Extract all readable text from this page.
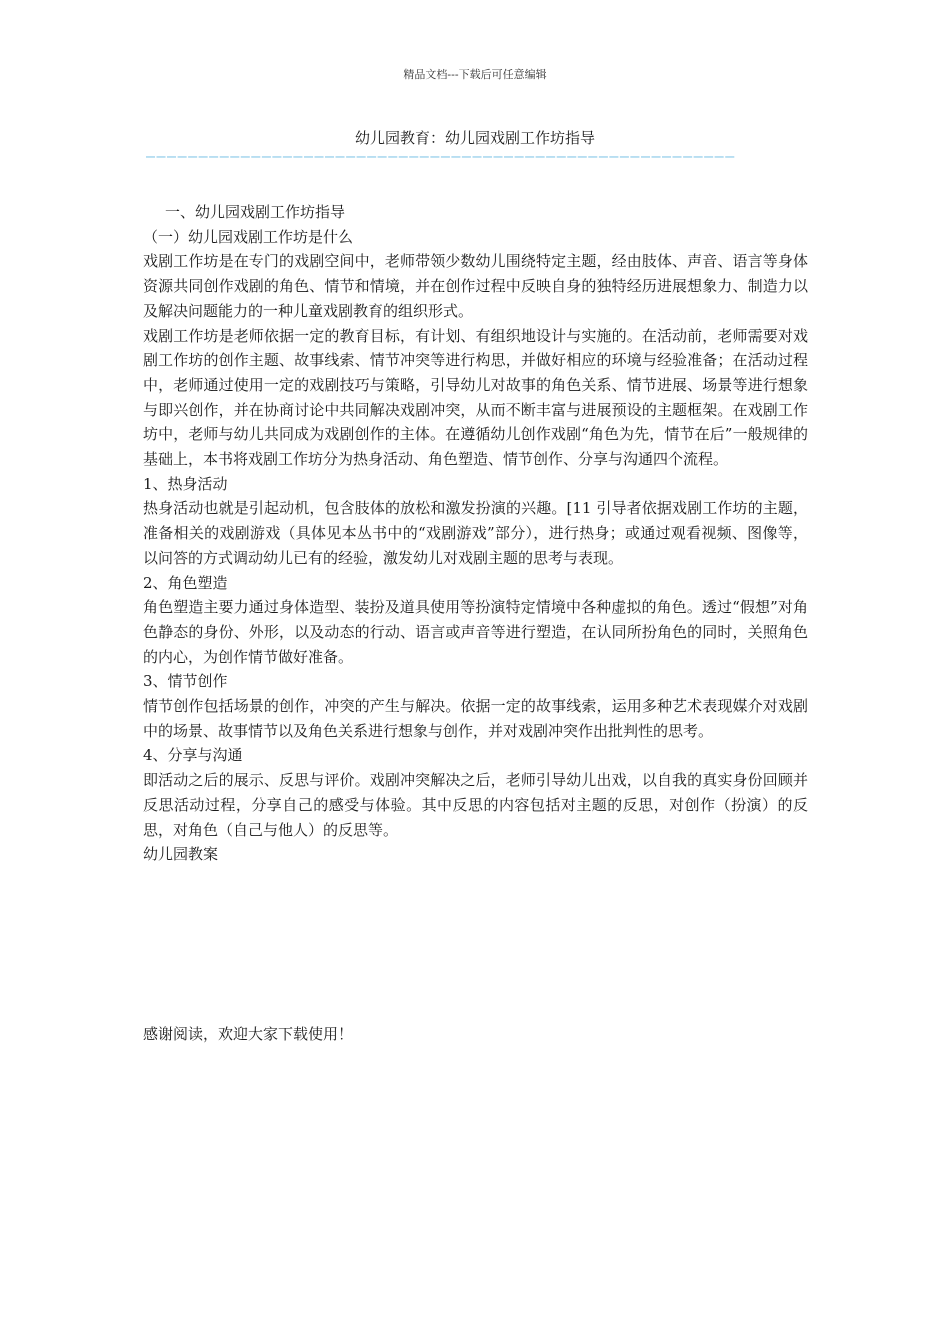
精品文档---下载后可任意编辑
幼儿园教育：幼儿园戏剧工作坊指导
————————————————————————————————————————————————————————

一、幼儿园戏剧工作坊指导

（一）幼儿园戏剧工作坊是什么

戏剧工作坊是在专门的戏剧空间中，老师带领少数幼儿围绕特定主题，经由肢体、声音、语言等身体资源共同创作戏剧的角色、情节和情境，并在创作过程中反映自身的独特经历进展想象力、制造力以及解决问题能力的一种儿童戏剧教育的组织形式。

戏剧工作坊是老师依据一定的教育目标，有计划、有组织地设计与实施的。在活动前，老师需要对戏剧工作坊的创作主题、故事线索、情节冲突等进行构思，并做好相应的环境与经验准备；在活动过程中，老师通过使用一定的戏剧技巧与策略，引导幼儿对故事的角色关系、情节进展、场景等进行想象与即兴创作，并在协商讨论中共同解决戏剧冲突，从而不断丰富与进展预设的主题框架。在戏剧工作坊中，老师与幼儿共同成为戏剧创作的主体。在遵循幼儿创作戏剧“角色为先，情节在后”一般规律的基础上，本书将戏剧工作坊分为热身活动、角色塑造、情节创作、分享与沟通四个流程。

1、热身活动

热身活动也就是引起动机，包含肢体的放松和激发扮演的兴趣。[11 引导者依据戏剧工作坊的主题，准备相关的戏剧游戏（具体见本丛书中的“戏剧游戏”部分），进行热身；或通过观看视频、图像等，以问答的方式调动幼儿已有的经验，激发幼儿对戏剧主题的思考与表现。

2、角色塑造

角色塑造主要力通过身体造型、装扮及道具使用等扮演特定情境中各种虚拟的角色。透过“假想”对角色静态的身份、外形，以及动态的行动、语言或声音等进行塑造，在认同所扮角色的同时，关照角色的内心，为创作情节做好准备。

3、情节创作

情节创作包括场景的创作，冲突的产生与解决。依据一定的故事线索，运用多种艺术表现媒介对戏剧中的场景、故事情节以及角色关系进行想象与创作，并对戏剧冲突作出批判性的思考。

4、分享与沟通

即活动之后的展示、反思与评价。戏剧冲突解决之后，老师引导幼儿出戏，以自我的真实身份回顾并反思活动过程，分享自己的感受与体验。其中反思的内容包括对主题的反思，对创作（扮演）的反思，对角色（自己与他人）的反思等。

幼儿园教案

感谢阅读，欢迎大家下载使用！
